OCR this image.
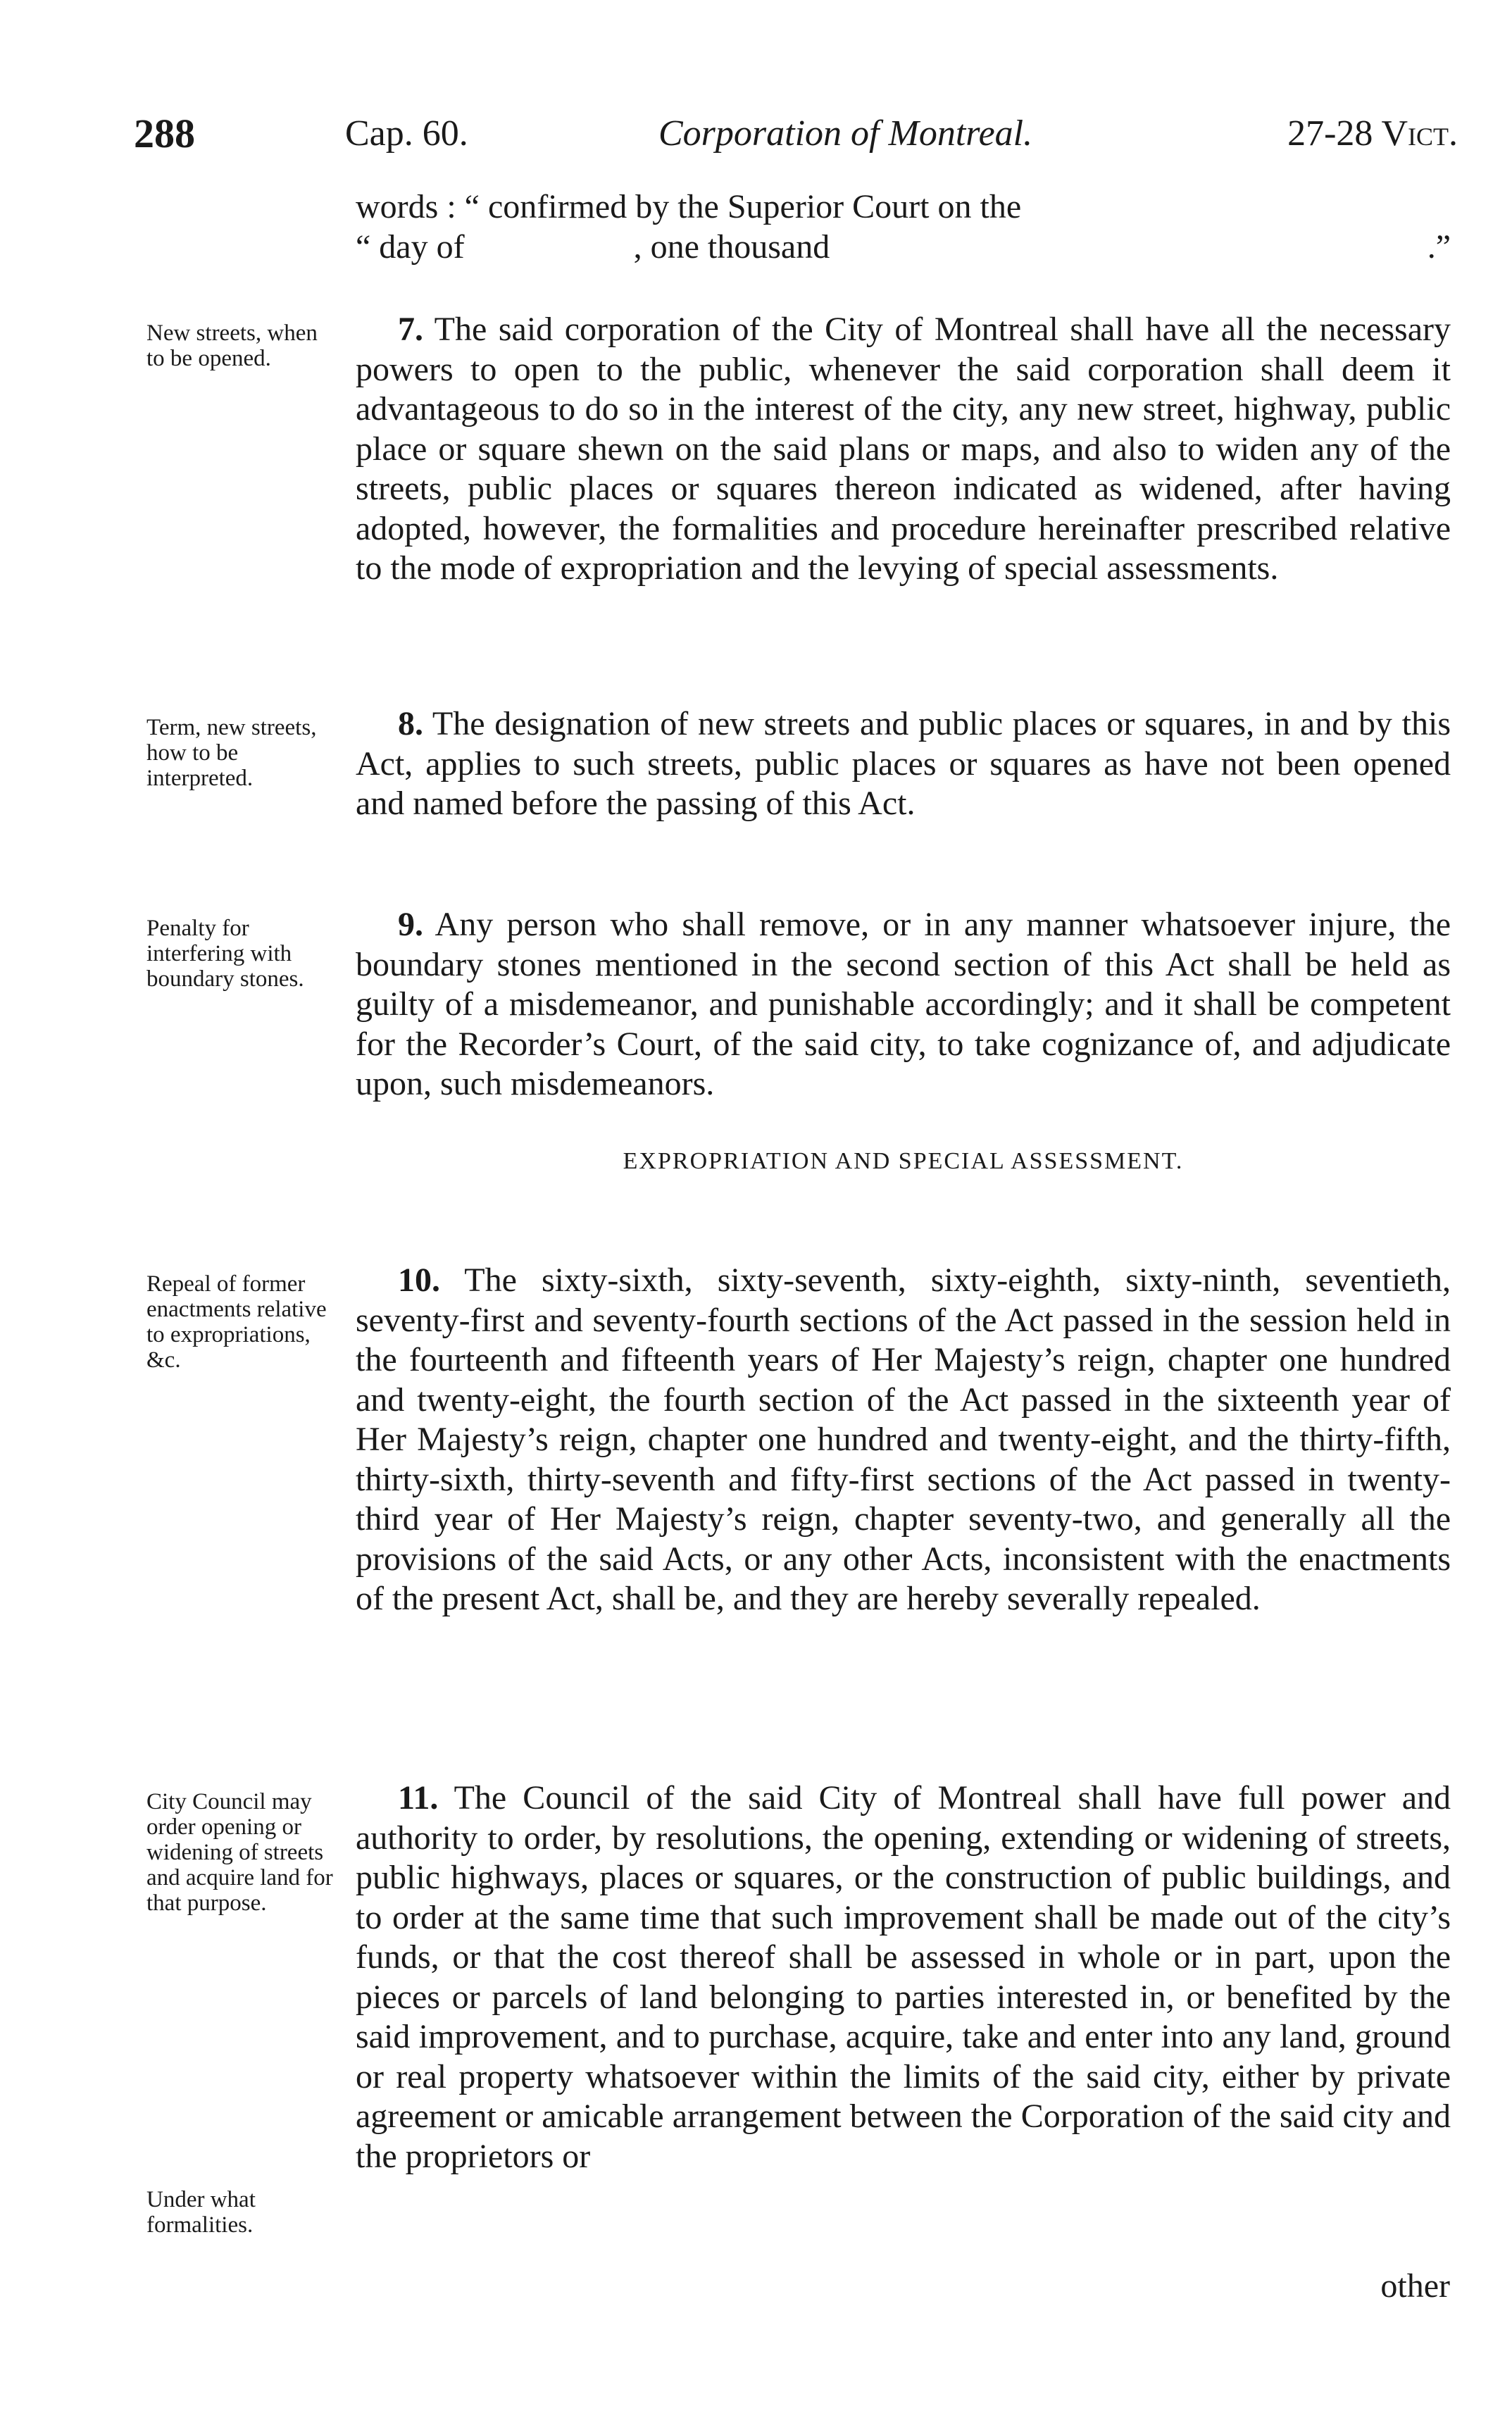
288	Cap. 60.	Corporation of Montreal.	27-28 Vict.
words : “ confirmed by the Superior Court on the
“ day of                    , one thousand	.”
New streets, when to be opened.
7. The said corporation of the City of Montreal shall have all the necessary powers to open to the public, whenever the said corporation shall deem it advantageous to do so in the interest of the city, any new street, highway, public place or square shewn on the said plans or maps, and also to widen any of the streets, public places or squares thereon indicated as widened, after having adopted, however, the formalities and procedure hereinafter prescribed relative to the mode of expropriation and the levying of special assessments.
Term, new streets, how to be interpreted.
8. The designation of new streets and public places or squares, in and by this Act, applies to such streets, public places or squares as have not been opened and named before the passing of this Act.
Penalty for interfering with boundary stones.
9. Any person who shall remove, or in any manner whatsoever injure, the boundary stones mentioned in the second section of this Act shall be held as guilty of a misdemeanor, and punishable accordingly; and it shall be competent for the Recorder’s Court, of the said city, to take cognizance of, and adjudicate upon, such misdemeanors.
EXPROPRIATION AND SPECIAL ASSESSMENT.
Repeal of former enactments relative to expropriations, &c.
10. The sixty-sixth, sixty-seventh, sixty-eighth, sixty-ninth, seventieth, seventy-first and seventy-fourth sections of the Act passed in the session held in the fourteenth and fifteenth years of Her Majesty’s reign, chapter one hundred and twenty-eight, the fourth section of the Act passed in the sixteenth year of Her Majesty’s reign, chapter one hundred and twenty-eight, and the thirty-fifth, thirty-sixth, thirty-seventh and fifty-first sections of the Act passed in twenty-third year of Her Majesty’s reign, chapter seventy-two, and generally all the provisions of the said Acts, or any other Acts, inconsistent with the enactments of the present Act, shall be, and they are hereby severally repealed.
City Council may order opening or widening of streets and acquire land for that purpose.
Under what formalities.
11. The Council of the said City of Montreal shall have full power and authority to order, by resolutions, the opening, extending or widening of streets, public highways, places or squares, or the construction of public buildings, and to order at the same time that such improvement shall be made out of the city’s funds, or that the cost thereof shall be assessed in whole or in part, upon the pieces or parcels of land belonging to parties interested in, or benefited by the said improvement, and to purchase, acquire, take and enter into any land, ground or real property whatsoever within the limits of the said city, either by private agreement or amicable arrangement between the Corporation of the said city and the proprietors or
other
